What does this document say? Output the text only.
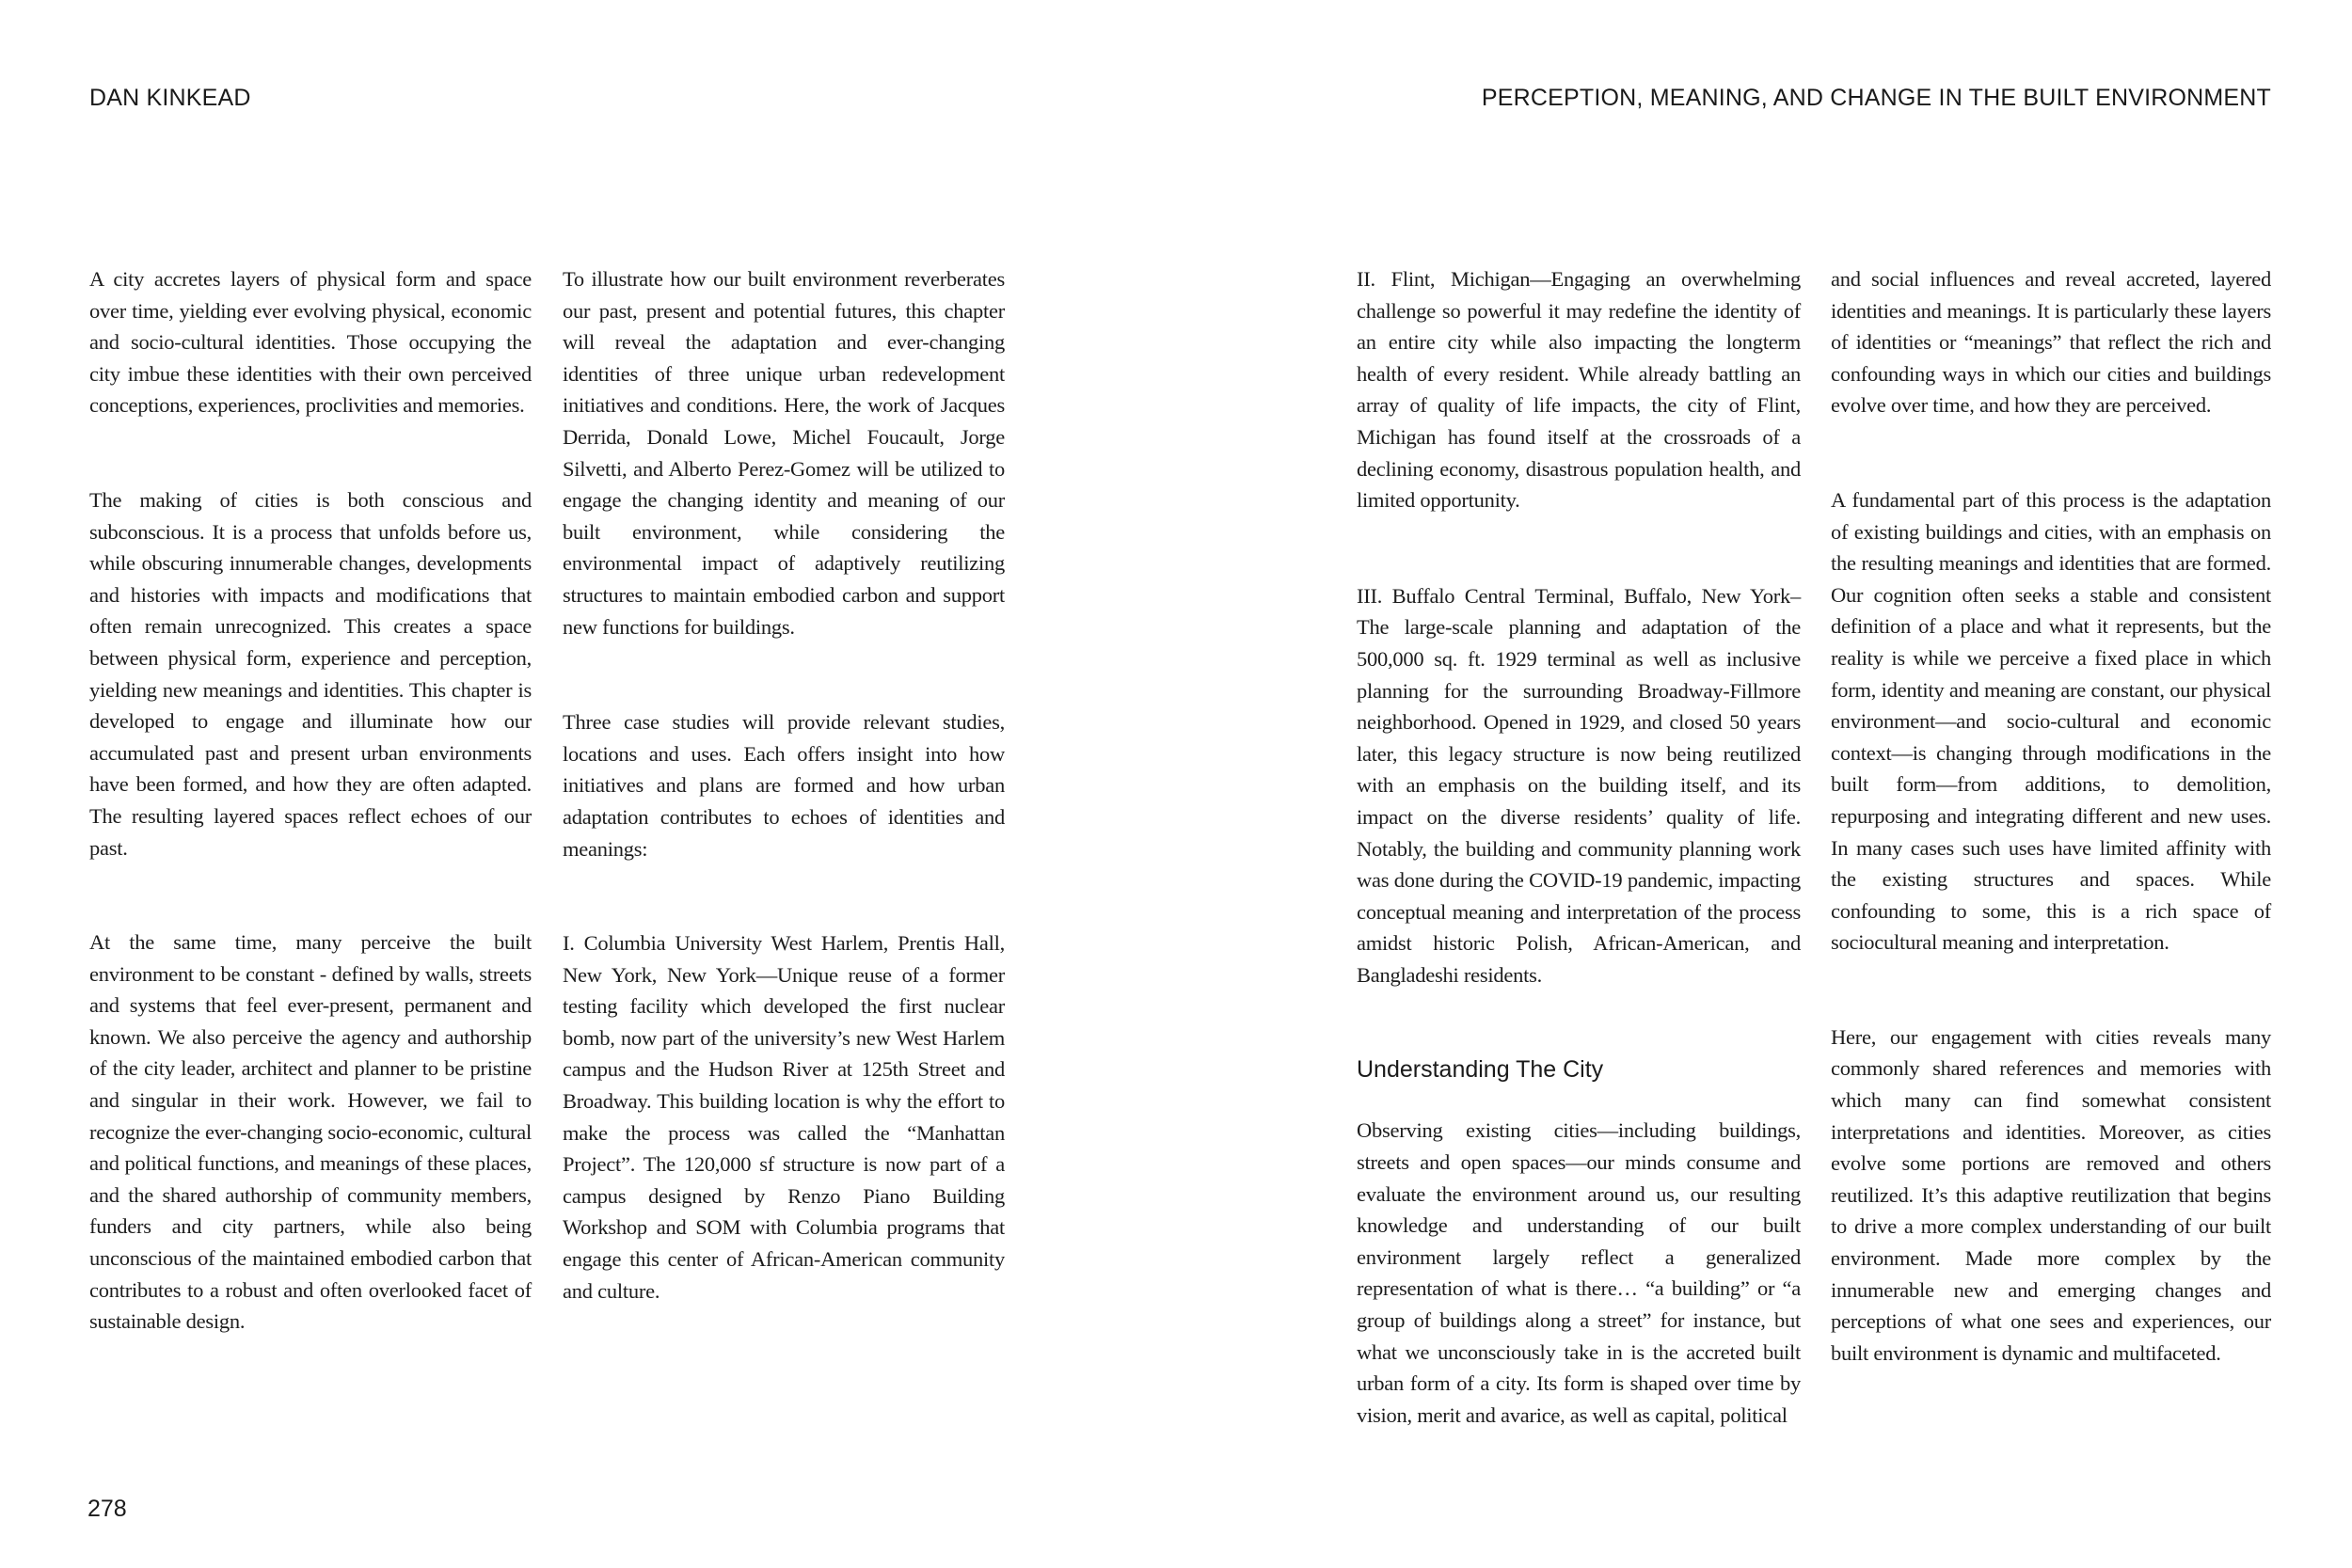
DAN KINKEAD	PERCEPTION, MEANING, AND CHANGE IN THE BUILT ENVIRONMENT

A city accretes layers of physical form and space over time, yielding ever evolving physical, economic and socio-cultural identities. Those occupying the city imbue these identities with their own perceived conceptions, experiences, proclivities and memories.

The making of cities is both conscious and subconscious. It is a process that unfolds before us, while obscuring innumerable changes, developments and histories with impacts and modifications that often remain unrecognized. This creates a space between physical form, experience and perception, yielding new meanings and identities. This chapter is developed to engage and illuminate how our accumulated past and present urban environments have been formed, and how they are often adapted. The resulting layered spaces reflect echoes of our past.

At the same time, many perceive the built environment to be constant - defined by walls, streets and systems that feel ever-present, permanent and known. We also perceive the agency and authorship of the city leader, architect and planner to be pristine and singular in their work. However, we fail to recognize the ever-changing socio-economic, cultural and political functions, and meanings of these places, and the shared authorship of community members, funders and city partners, while also being unconscious of the maintained embodied carbon that contributes to a robust and often overlooked facet of sustainable design.

To illustrate how our built environment reverberates our past, present and potential futures, this chapter will reveal the adaptation and ever-changing identities of three unique urban redevelopment initiatives and conditions. Here, the work of Jacques Derrida, Donald Lowe, Michel Foucault, Jorge Silvetti, and Alberto Perez-Gomez will be utilized to engage the changing identity and meaning of our built environment, while considering the environmental impact of adaptively reutilizing structures to maintain embodied carbon and support new functions for buildings.

Three case studies will provide relevant studies, locations and uses. Each offers insight into how initiatives and plans are formed and how urban adaptation contributes to echoes of identities and meanings:

I. Columbia University West Harlem, Prentis Hall, New York, New York—Unique reuse of a former testing facility which developed the first nuclear bomb, now part of the university’s new West Harlem campus and the Hudson River at 125th Street and Broadway. This building location is why the effort to make the process was called the “Manhattan Project”. The 120,000 sf structure is now part of a campus designed by Renzo Piano Building Workshop and SOM with Columbia programs that engage this center of African-American community and culture.

II. Flint, Michigan—Engaging an overwhelming challenge so powerful it may redefine the identity of an entire city while also impacting the longterm health of every resident. While already battling an array of quality of life impacts, the city of Flint, Michigan has found itself at the crossroads of a declining economy, disastrous population health, and limited opportunity.

III. Buffalo Central Terminal, Buffalo, New York–The large-scale planning and adaptation of the 500,000 sq. ft. 1929 terminal as well as inclusive planning for the surrounding Broadway-Fillmore neighborhood. Opened in 1929, and closed 50 years later, this legacy structure is now being reutilized with an emphasis on the building itself, and its impact on the diverse residents’ quality of life. Notably, the building and community planning work was done during the COVID-19 pandemic, impacting conceptual meaning and interpretation of the process amidst historic Polish, African-American, and Bangladeshi residents.

Understanding The City

Observing existing cities—including buildings, streets and open spaces—our minds consume and evaluate the environment around us, our resulting knowledge and understanding of our built environment largely reflect a generalized representation of what is there… “a building” or “a group of buildings along a street” for instance, but what we unconsciously take in is the accreted built urban form of a city. Its form is shaped over time by vision, merit and avarice, as well as capital, political

and social influences and reveal accreted, layered identities and meanings. It is particularly these layers of identities or “meanings” that reflect the rich and confounding ways in which our cities and buildings evolve over time, and how they are perceived.

A fundamental part of this process is the adaptation of existing buildings and cities, with an emphasis on the resulting meanings and identities that are formed. Our cognition often seeks a stable and consistent definition of a place and what it represents, but the reality is while we perceive a fixed place in which form, identity and meaning are constant, our physical environment—and socio-cultural and economic context—is changing through modifications in the built form—from additions, to demolition, repurposing and integrating different and new uses. In many cases such uses have limited affinity with the existing structures and spaces. While confounding to some, this is a rich space of sociocultural meaning and interpretation.

Here, our engagement with cities reveals many commonly shared references and memories with which many can find somewhat consistent interpretations and identities. Moreover, as cities evolve some portions are removed and others reutilized. It’s this adaptive reutilization that begins to drive a more complex understanding of our built environment. Made more complex by the innumerable new and emerging changes and perceptions of what one sees and experiences, our built environment is dynamic and multifaceted.

278
